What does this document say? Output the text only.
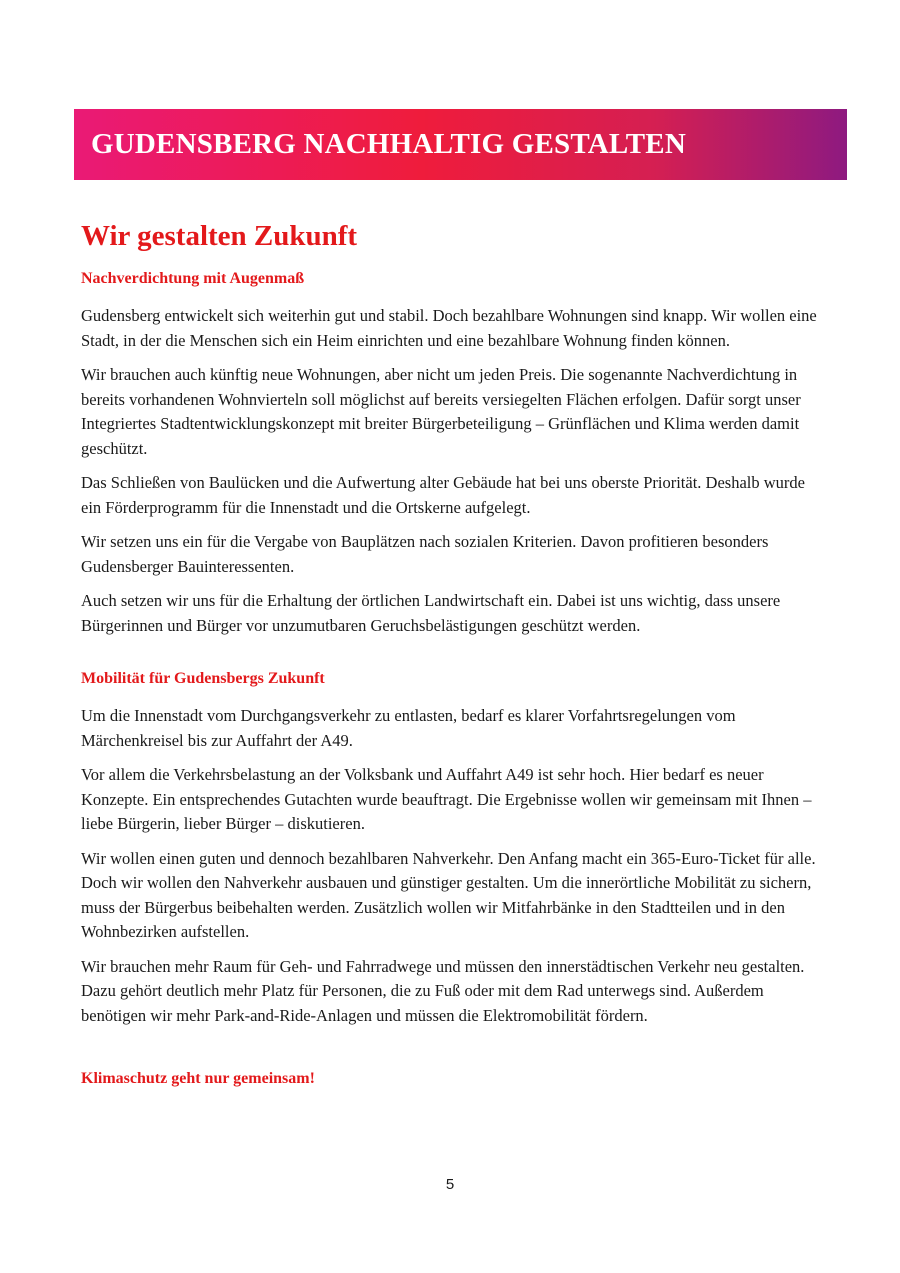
GUDENSBERG NACHHALTIG GESTALTEN
Wir gestalten Zukunft
Nachverdichtung mit Augenmaß

Gudensberg entwickelt sich weiterhin gut und stabil. Doch bezahlbare Wohnungen sind knapp. Wir wollen eine Stadt, in der die Menschen sich ein Heim einrichten und eine bezahlbare Wohnung finden können.

Wir brauchen auch künftig neue Wohnungen, aber nicht um jeden Preis. Die sogenannte Nachverdichtung in bereits vorhandenen Wohnvierteln soll möglichst auf bereits versiegelten Flächen erfolgen. Dafür sorgt unser Integriertes Stadtentwicklungskonzept mit breiter Bürgerbeteiligung – Grünflächen und Klima werden damit geschützt.

Das Schließen von Baulücken und die Aufwertung alter Gebäude hat bei uns oberste Priorität. Deshalb wurde ein Förderprogramm für die Innenstadt und die Ortskerne aufgelegt.

Wir setzen uns ein für die Vergabe von Bauplätzen nach sozialen Kriterien. Davon profitieren besonders Gudensberger Bauinteressenten.

Auch setzen wir uns für die Erhaltung der örtlichen Landwirtschaft ein. Dabei ist uns wichtig, dass unsere Bürgerinnen und Bürger vor unzumutbaren Geruchsbelästigungen geschützt werden.

Mobilität für Gudensbergs Zukunft

Um die Innenstadt vom Durchgangsverkehr zu entlasten, bedarf es klarer Vorfahrtsregelungen vom Märchenkreisel bis zur Auffahrt der A49.

Vor allem die Verkehrsbelastung an der Volksbank und Auffahrt A49 ist sehr hoch. Hier bedarf es neuer Konzepte. Ein entsprechendes Gutachten wurde beauftragt. Die Ergebnisse wollen wir gemeinsam mit Ihnen – liebe Bürgerin, lieber Bürger – diskutieren.

Wir wollen einen guten und dennoch bezahlbaren Nahverkehr. Den Anfang macht ein 365-Euro-Ticket für alle. Doch wir wollen den Nahverkehr ausbauen und günstiger gestalten. Um die innerörtliche Mobilität zu sichern, muss der Bürgerbus beibehalten werden. Zusätzlich wollen wir Mitfahrbänke in den Stadtteilen und in den Wohnbezirken aufstellen.

Wir brauchen mehr Raum für Geh- und Fahrradwege und müssen den innerstädtischen Verkehr neu gestalten. Dazu gehört deutlich mehr Platz für Personen, die zu Fuß oder mit dem Rad unterwegs sind. Außerdem benötigen wir mehr Park-and-Ride-Anlagen und müssen die Elektromobilität fördern.

Klimaschutz geht nur gemeinsam!
5
